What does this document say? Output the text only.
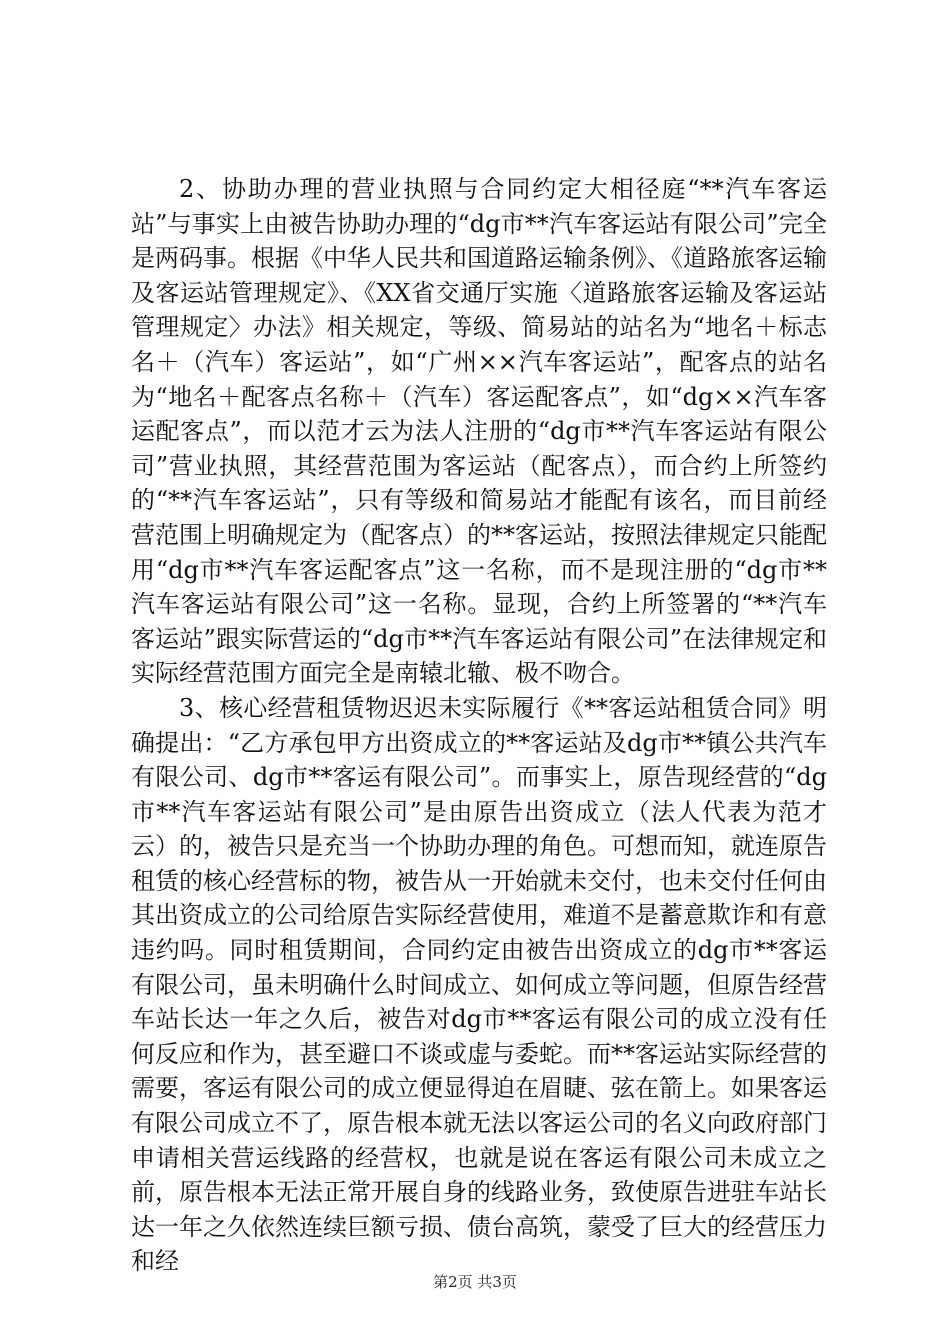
2、协助办理的营业执照与合同约定大相径庭“**汽车客运站”与事实上由被告协助办理的“dg市**汽车客运站有限公司”完全是两码事。根据《中华人民共和国道路运输条例》、《道路旅客运输及客运站管理规定》、《XX省交通厅实施〈道路旅客运输及客运站管理规定〉办法》相关规定，等级、简易站的站名为“地名＋标志名＋（汽车）客运站”，如“广州××汽车客运站”，配客点的站名为“地名＋配客点名称＋（汽车）客运配客点”，如“dg××汽车客运配客点”，而以范才云为法人注册的“dg市**汽车客运站有限公司”营业执照，其经营范围为客运站（配客点），而合约上所签约的“**汽车客运站”，只有等级和简易站才能配有该名，而目前经营范围上明确规定为（配客点）的**客运站，按照法律规定只能配用“dg市**汽车客运配客点”这一名称，而不是现注册的“dg市**汽车客运站有限公司”这一名称。显现，合约上所签署的“**汽车客运站”跟实际营运的“dg市**汽车客运站有限公司”在法律规定和实际经营范围方面完全是南辕北辙、极不吻合。

3、核心经营租赁物迟迟未实际履行《**客运站租赁合同》明确提出：“乙方承包甲方出资成立的**客运站及dg市**镇公共汽车有限公司、dg市**客运有限公司”。而事实上，原告现经营的“dg市**汽车客运站有限公司”是由原告出资成立（法人代表为范才云）的，被告只是充当一个协助办理的角色。可想而知，就连原告租赁的核心经营标的物，被告从一开始就未交付，也未交付任何由其出资成立的公司给原告实际经营使用，难道不是蓄意欺诈和有意违约吗。同时租赁期间，合同约定由被告出资成立的dg市**客运有限公司，虽未明确什么时间成立、如何成立等问题，但原告经营车站长达一年之久后，被告对dg市**客运有限公司的成立没有任何反应和作为，甚至避口不谈或虚与委蛇。而**客运站实际经营的需要，客运有限公司的成立便显得迫在眉睫、弦在箭上。如果客运有限公司成立不了，原告根本就无法以客运公司的名义向政府部门申请相关营运线路的经营权，也就是说在客运有限公司未成立之前，原告根本无法正常开展自身的线路业务，致使原告进驻车站长达一年之久依然连续巨额亏损、债台高筑，蒙受了巨大的经营压力和经

第2页 共3页
